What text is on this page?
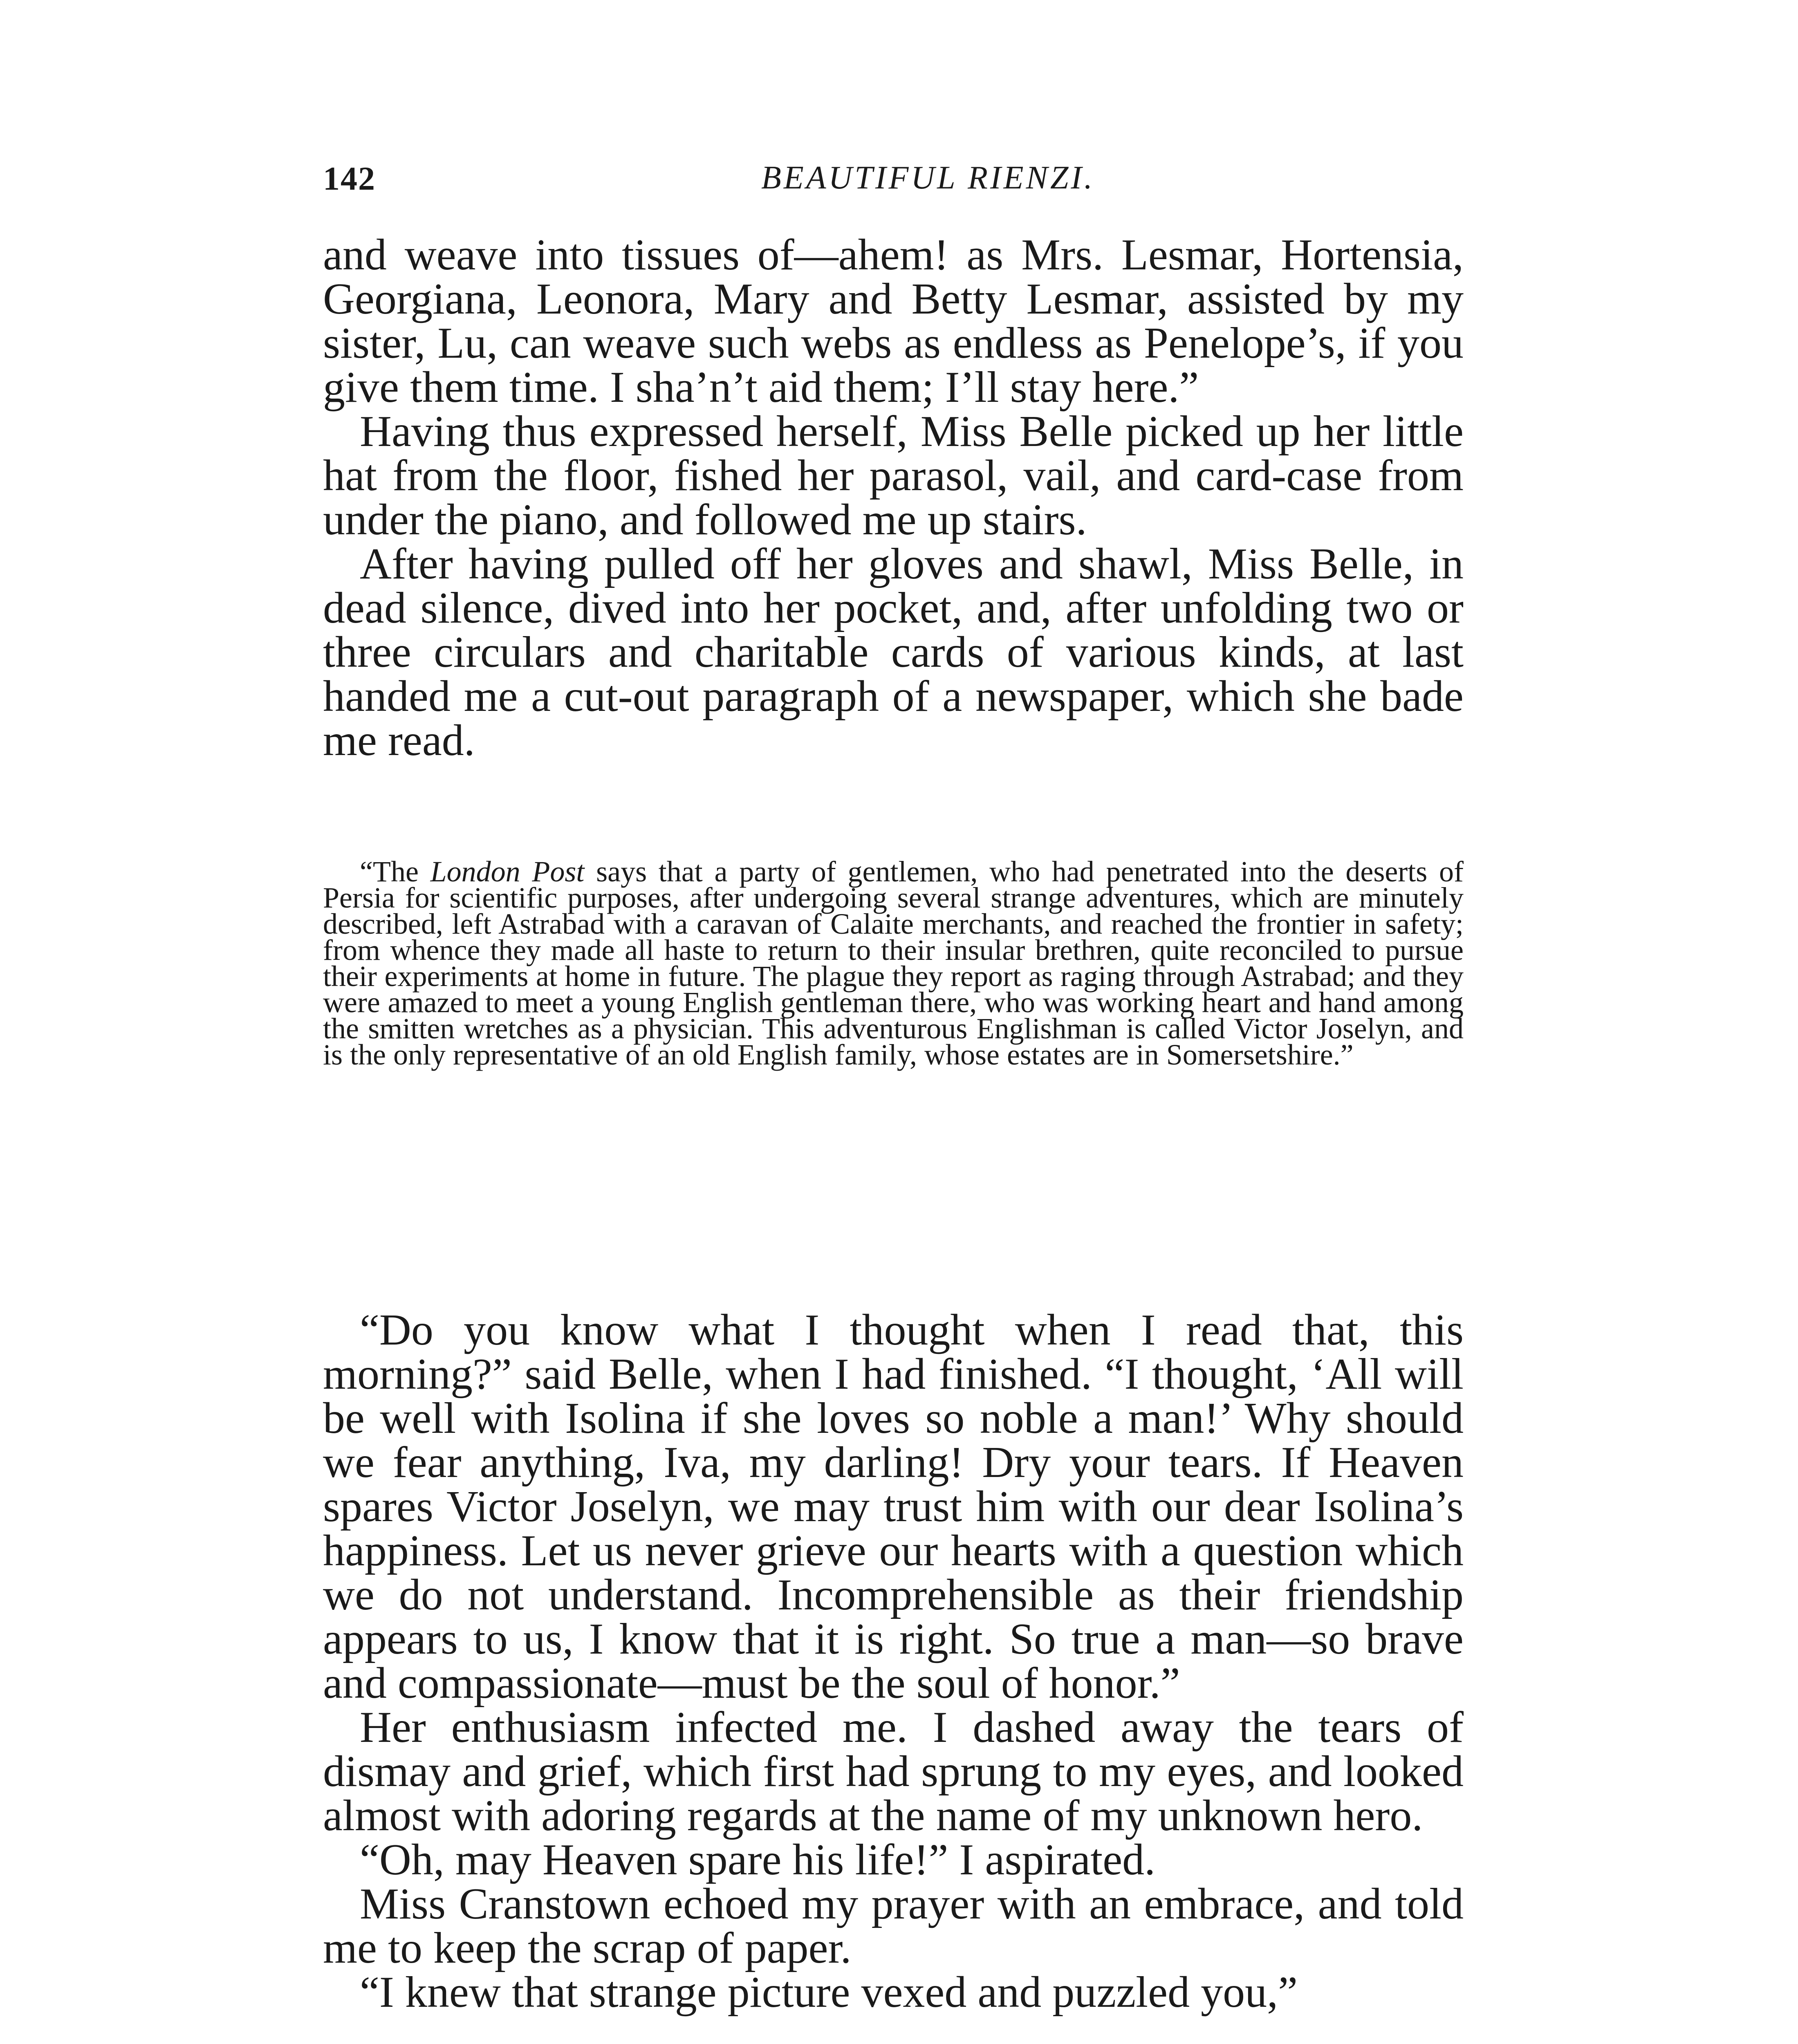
142	BEAUTIFUL RIENZI.

and weave into tissues of—ahem! as Mrs. Lesmar, Hortensia, Georgiana, Leonora, Mary and Betty Lesmar, assisted by my sister, Lu, can weave such webs as endless as Penelope’s, if you give them time. I sha’n’t aid them; I’ll stay here.”

Having thus expressed herself, Miss Belle picked up her little hat from the floor, fished her parasol, vail, and card-case from under the piano, and followed me up stairs.

After having pulled off her gloves and shawl, Miss Belle, in dead silence, dived into her pocket, and, after unfolding two or three circulars and charitable cards of various kinds, at last handed me a cut-out paragraph of a newspaper, which she bade me read.

“The London Post says that a party of gentlemen, who had penetrated into the deserts of Persia for scientific purposes, after undergoing several strange adventures, which are minutely described, left Astrabad with a caravan of Calaite merchants, and reached the frontier in safety; from whence they made all haste to return to their insular brethren, quite reconciled to pursue their experiments at home in future. The plague they report as raging through Astrabad; and they were amazed to meet a young English gentleman there, who was working heart and hand among the smitten wretches as a physician. This adventurous Englishman is called Victor Joselyn, and is the only representative of an old English family, whose estates are in Somersetshire.”

“Do you know what I thought when I read that, this morning?” said Belle, when I had finished. “I thought, ‘All will be well with Isolina if she loves so noble a man!’ Why should we fear anything, Iva, my darling! Dry your tears. If Heaven spares Victor Joselyn, we may trust him with our dear Isolina’s happiness. Let us never grieve our hearts with a question which we do not understand. Incomprehensible as their friendship appears to us, I know that it is right. So true a man—so brave and compassionate—must be the soul of honor.”

Her enthusiasm infected me. I dashed away the tears of dismay and grief, which first had sprung to my eyes, and looked almost with adoring regards at the name of my unknown hero.

“Oh, may Heaven spare his life!” I aspirated.

Miss Cranstown echoed my prayer with an embrace, and told me to keep the scrap of paper.

“I knew that strange picture vexed and puzzled you,”
